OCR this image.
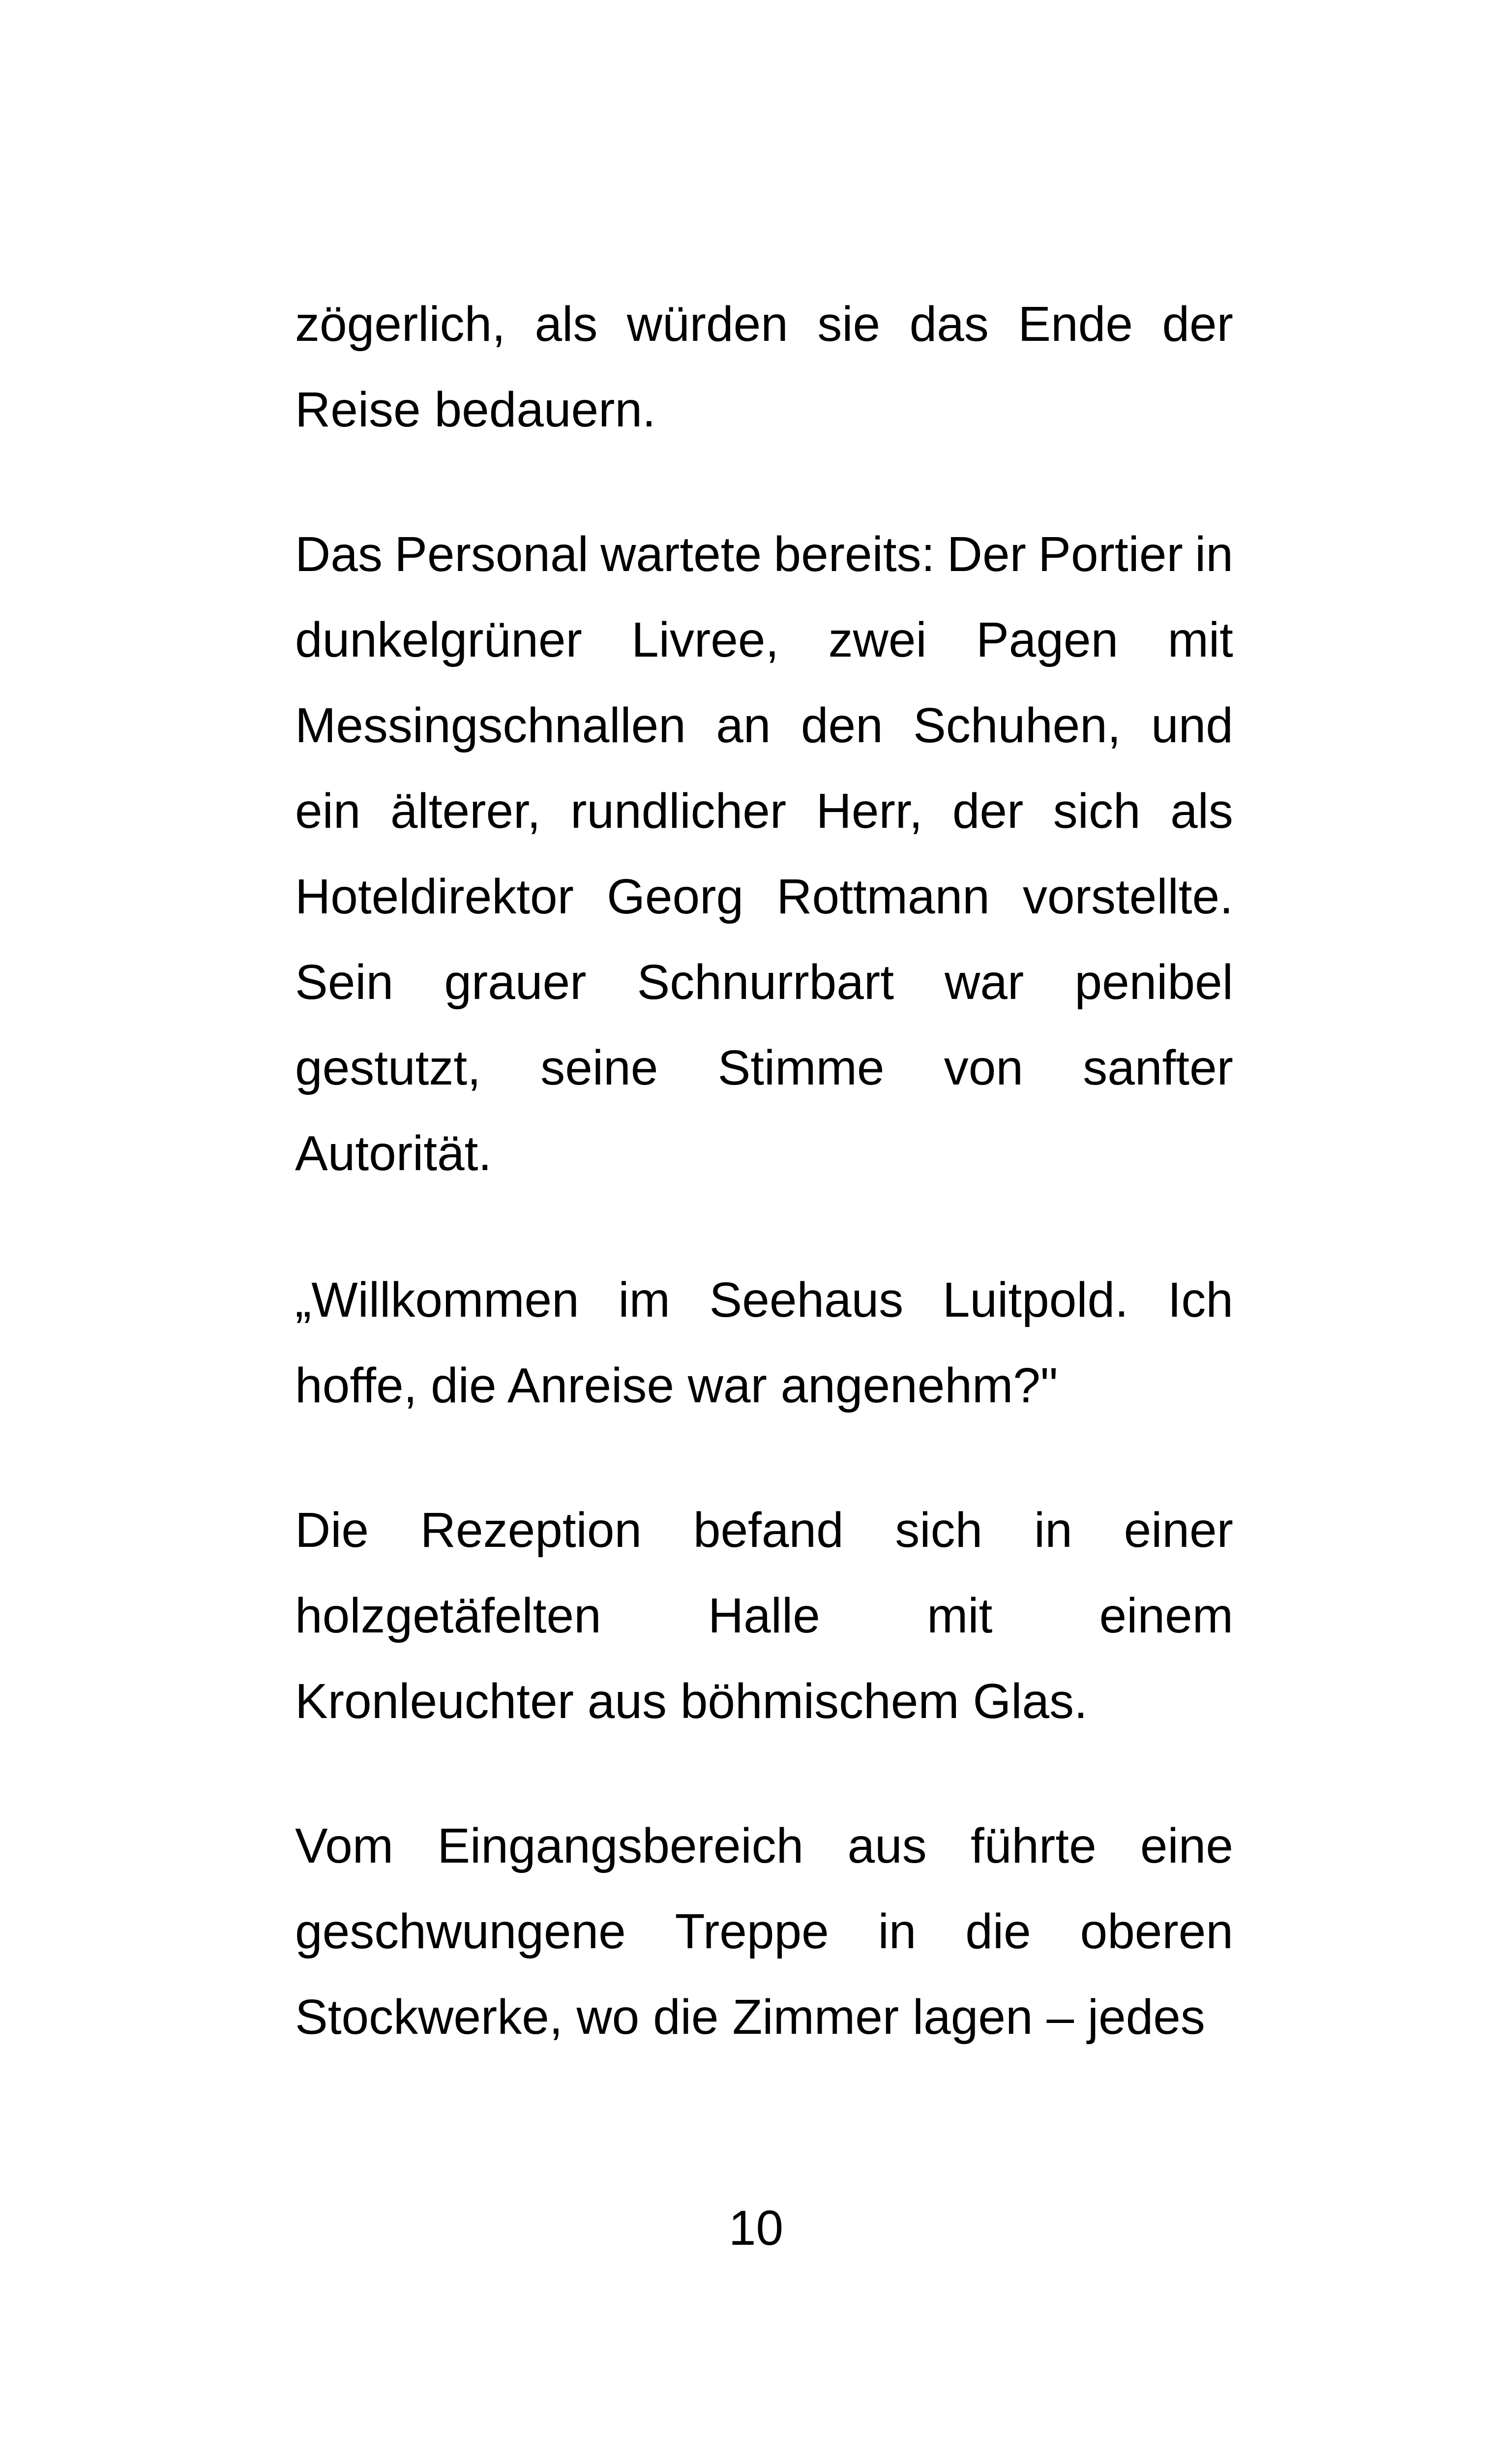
zögerlich, als würden sie das Ende der
Reise bedauern.
Das Personal wartete bereits: Der Portier in
dunkelgrüner Livree, zwei Pagen mit
Messingschnallen an den Schuhen, und
ein älterer, rundlicher Herr, der sich als
Hoteldirektor Georg Rottmann vorstellte.
Sein grauer Schnurrbart war penibel
gestutzt, seine Stimme von sanfter
Autorität.
„Willkommen im Seehaus Luitpold. Ich
hoffe, die Anreise war angenehm?"
Die Rezeption befand sich in einer
holzgetäfelten Halle mit einem
Kronleuchter aus böhmischem Glas.
Vom Eingangsbereich aus führte eine
geschwungene Treppe in die oberen
Stockwerke, wo die Zimmer lagen – jedes
10
